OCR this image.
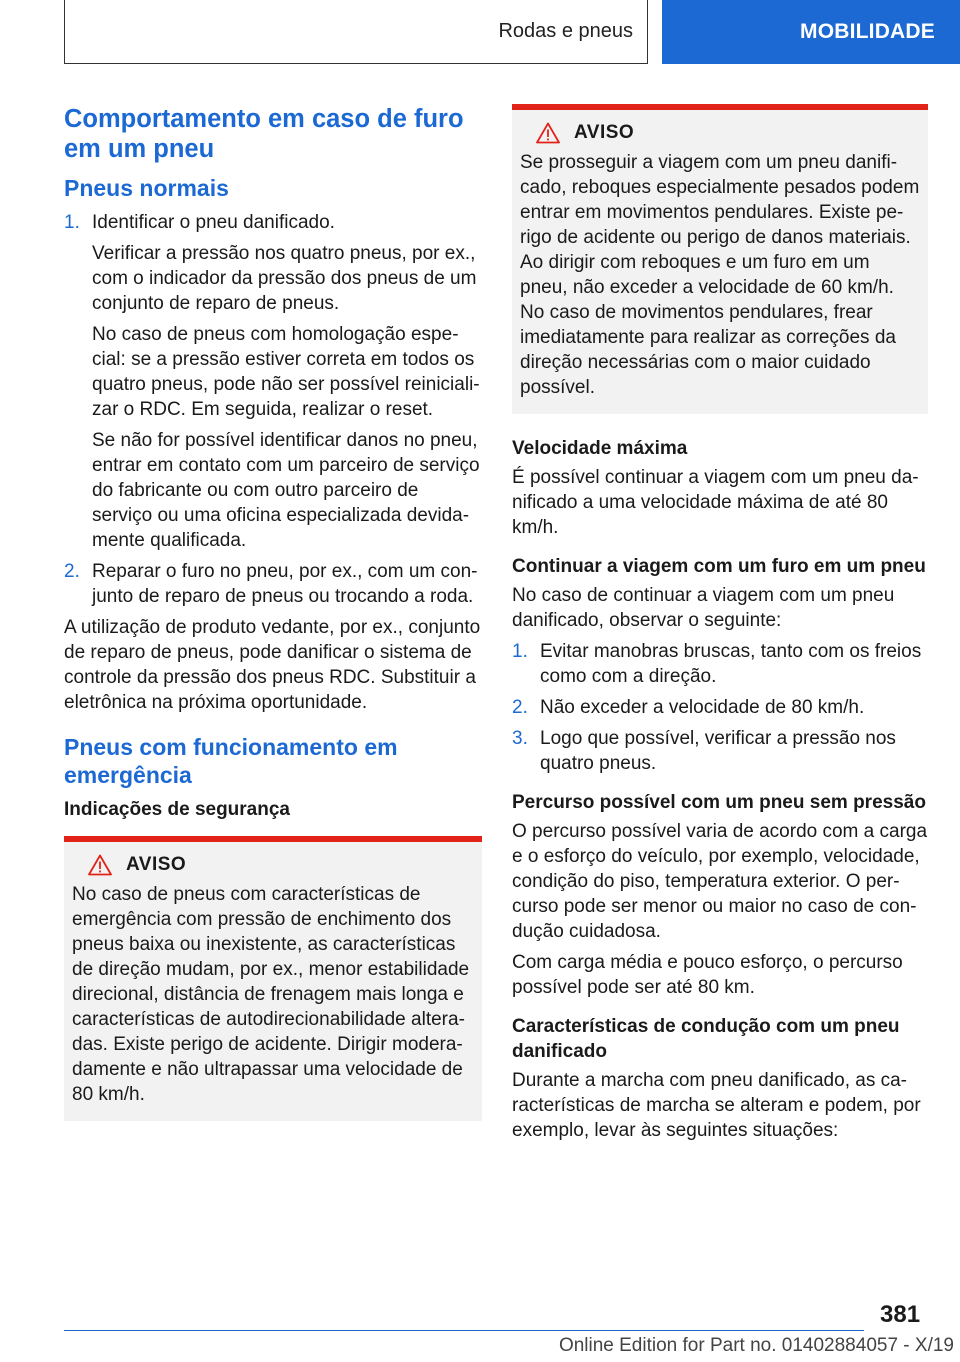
Rodas e pneus	MOBILIDADE
Comportamento em caso de furo em um pneu
Pneus normais
1. Identificar o pneu danificado.

Verificar a pressão nos quatro pneus, por ex., com o indicador da pressão dos pneus de um conjunto de reparo de pneus.

No caso de pneus com homologação especial: se a pressão estiver correta em todos os quatro pneus, pode não ser possível reinicializar o RDC. Em seguida, realizar o reset.

Se não for possível identificar danos no pneu, entrar em contato com um parceiro de serviço do fabricante ou com outro parceiro de serviço ou uma oficina especializada devidamente qualificada.

2. Reparar o furo no pneu, por ex., com um conjunto de reparo de pneus ou trocando a roda.

A utilização de produto vedante, por ex., conjunto de reparo de pneus, pode danificar o sistema de controle da pressão dos pneus RDC. Substituir a eletrônica na próxima oportunidade.

Pneus com funcionamento em emergência
Indicações de segurança
AVISO

No caso de pneus com características de emergência com pressão de enchimento dos pneus baixa ou inexistente, as características de direção mudam, por ex., menor estabilidade direcional, distância de frenagem mais longa e características de autodirecionabilidade alteradas. Existe perigo de acidente. Dirigir moderadamente e não ultrapassar uma velocidade de 80 km/h.

AVISO

Se prosseguir a viagem com um pneu danificado, reboques especialmente pesados podem entrar em movimentos pendulares. Existe perigo de acidente ou perigo de danos materiais. Ao dirigir com reboques e um furo em um pneu, não exceder a velocidade de 60 km/h. No caso de movimentos pendulares, frear imediatamente para realizar as correções da direção necessárias com o maior cuidado possível.

Velocidade máxima

É possível continuar a viagem com um pneu danificado a uma velocidade máxima de até 80 km/h.

Continuar a viagem com um furo em um pneu

No caso de continuar a viagem com um pneu danificado, observar o seguinte:

1. Evitar manobras bruscas, tanto com os freios como com a direção.

2. Não exceder a velocidade de 80 km/h.

3. Logo que possível, verificar a pressão nos quatro pneus.

Percurso possível com um pneu sem pressão

O percurso possível varia de acordo com a carga e o esforço do veículo, por exemplo, velocidade, condição do piso, temperatura exterior. O percurso pode ser menor ou maior no caso de condução cuidadosa.

Com carga média e pouco esforço, o percurso possível pode ser até 80 km.

Características de condução com um pneu danificado

Durante a marcha com pneu danificado, as características de marcha se alteram e podem, por exemplo, levar às seguintes situações:

381
Online Edition for Part no. 01402884057 - X/19
